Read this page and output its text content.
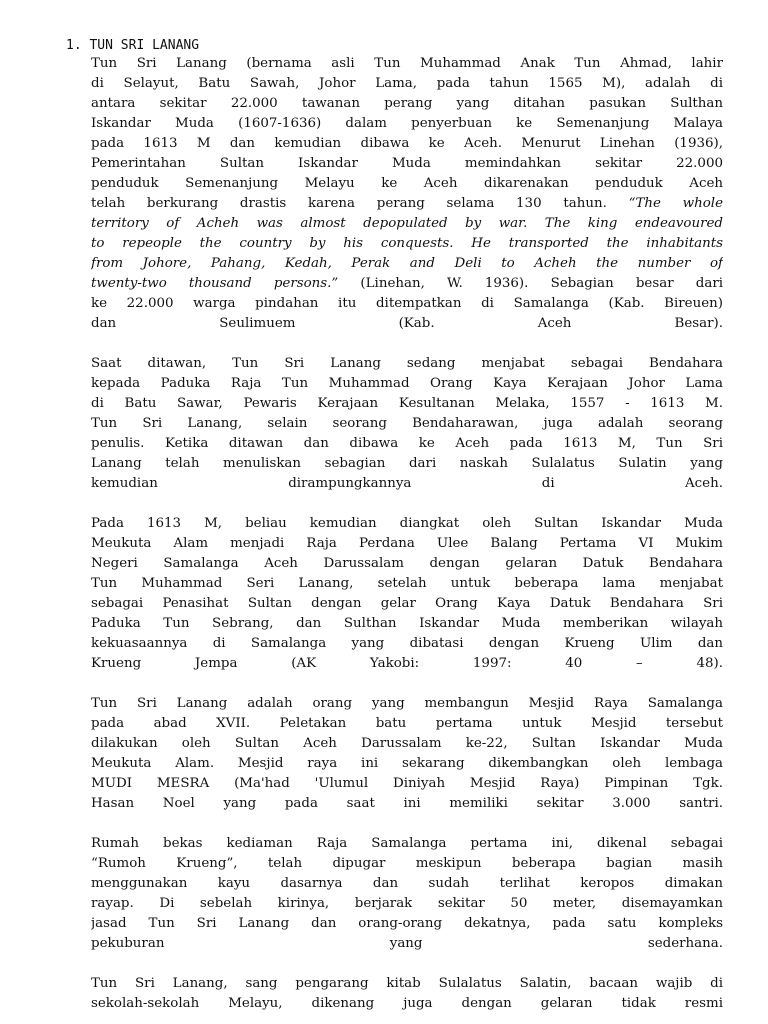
1. TUN SRI LANANG
Tun Sri Lanang (bernama asli Tun Muhammad Anak Tun Ahmad, lahir
di Selayut, Batu Sawah, Johor Lama, pada tahun 1565 M), adalah di
antara sekitar 22.000 tawanan perang yang ditahan pasukan Sulthan
Iskandar Muda (1607-1636) dalam penyerbuan ke Semenanjung Malaya
pada 1613 M dan kemudian dibawa ke Aceh. Menurut Linehan (1936),
Pemerintahan Sultan Iskandar Muda memindahkan sekitar 22.000
penduduk Semenanjung Melayu ke Aceh dikarenakan penduduk Aceh
telah berkurang drastis karena perang selama 130 tahun. “The whole
territory of Acheh was almost depopulated by war. The king endeavoured
to repeople the country by his conquests. He transported the inhabitants
from Johore, Pahang, Kedah, Perak and Deli to Acheh the number of
twenty-two thousand persons.” (Linehan, W. 1936). Sebagian besar dari
ke 22.000 warga pindahan itu ditempatkan di Samalanga (Kab. Bireuen)
dan Seulimuem (Kab. Aceh Besar).
Saat ditawan, Tun Sri Lanang sedang menjabat sebagai Bendahara
kepada Paduka Raja Tun Muhammad Orang Kaya Kerajaan Johor Lama
di Batu Sawar, Pewaris Kerajaan Kesultanan Melaka, 1557 - 1613 M.
Tun Sri Lanang, selain seorang Bendaharawan, juga adalah seorang
penulis. Ketika ditawan dan dibawa ke Aceh pada 1613 M, Tun Sri
Lanang telah menuliskan sebagian dari naskah Sulalatus Sulatin yang
kemudian dirampungkannya di Aceh.
Pada 1613 M, beliau kemudian diangkat oleh Sultan Iskandar Muda
Meukuta Alam menjadi Raja Perdana Ulee Balang Pertama VI Mukim
Negeri Samalanga Aceh Darussalam dengan gelaran Datuk Bendahara
Tun Muhammad Seri Lanang, setelah untuk beberapa lama menjabat
sebagai Penasihat Sultan dengan gelar Orang Kaya Datuk Bendahara Sri
Paduka Tun Sebrang, dan Sulthan Iskandar Muda memberikan wilayah
kekuasaannya di Samalanga yang dibatasi dengan Krueng Ulim dan
Krueng Jempa (AK Yakobi: 1997: 40 – 48).
Tun Sri Lanang adalah orang yang membangun Mesjid Raya Samalanga
pada abad XVII. Peletakan batu pertama untuk Mesjid tersebut
dilakukan oleh Sultan Aceh Darussalam ke-22, Sultan Iskandar Muda
Meukuta Alam. Mesjid raya ini sekarang dikembangkan oleh lembaga
MUDI MESRA (Ma'had 'Ulumul Diniyah Mesjid Raya) Pimpinan Tgk.
Hasan Noel yang pada saat ini memiliki sekitar 3.000 santri.
Rumah bekas kediaman Raja Samalanga pertama ini, dikenal sebagai
“Rumoh Krueng”, telah dipugar meskipun beberapa bagian masih
menggunakan kayu dasarnya dan sudah terlihat keropos dimakan
rayap. Di sebelah kirinya, berjarak sekitar 50 meter, disemayamkan
jasad Tun Sri Lanang dan orang-orang dekatnya, pada satu kompleks
pekuburan yang sederhana.
Tun Sri Lanang, sang pengarang kitab Sulalatus Salatin, bacaan wajib di
sekolah-sekolah Melayu, dikenang juga dengan gelaran tidak resmi
